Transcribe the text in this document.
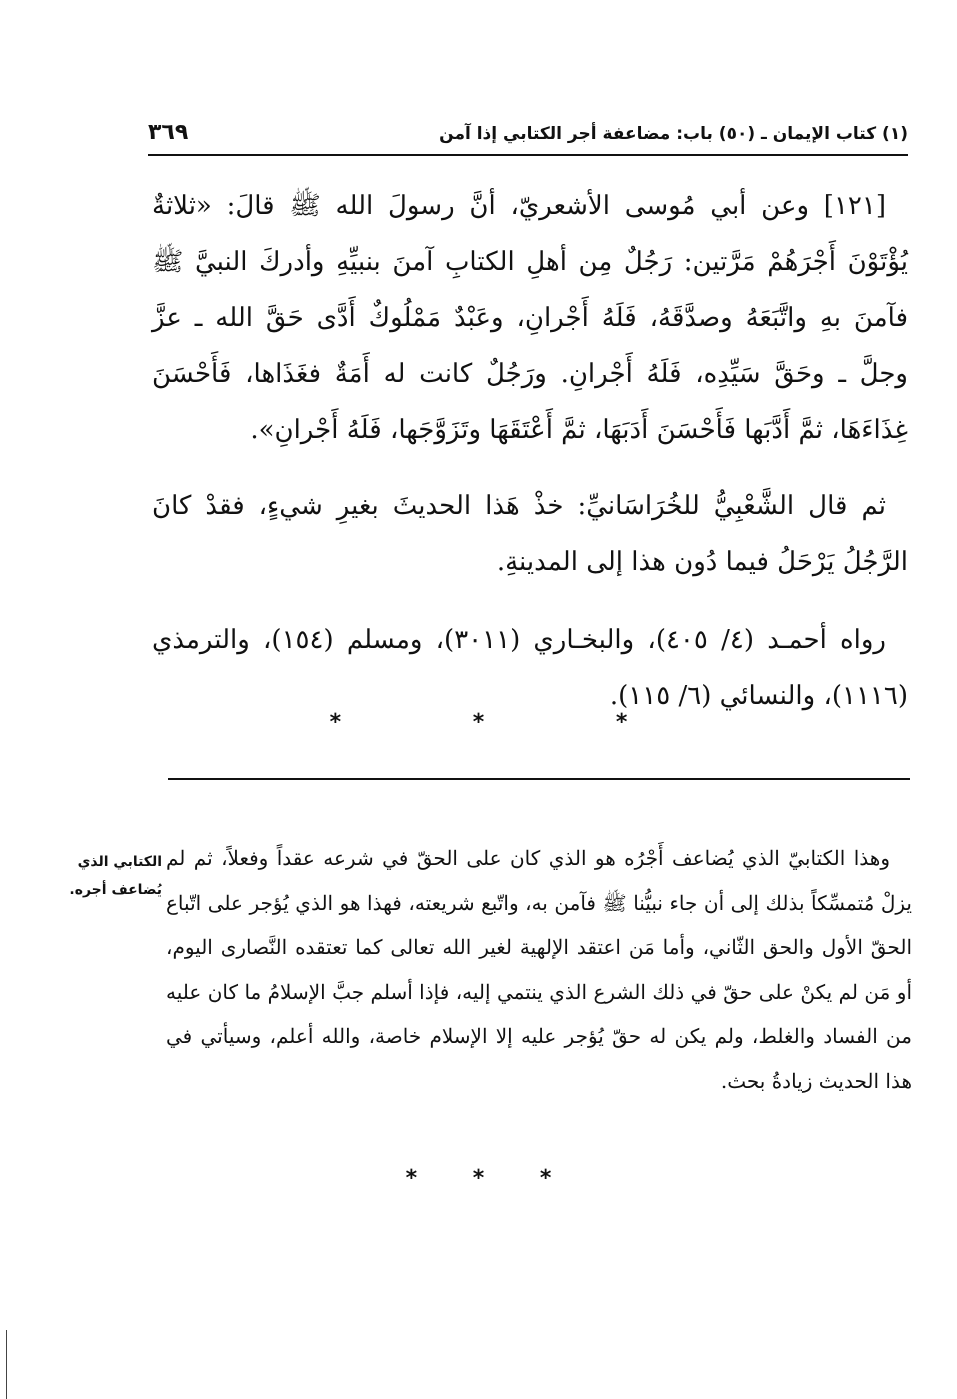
(١) كتاب الإيمان ـ (٥٠) باب: مضاعفة أجر الكتابي إذا آمن
٣٦٩

[١٢١] وعن أبي مُوسى الأشعريّ، أنَّ رسولَ الله ﷺ قالَ: «ثلاثةٌ يُؤْتَوْنَ أَجْرَهُمْ مَرَّتين: رَجُلٌ مِن أهلِ الكتابِ آمنَ بنبيِّهِ وأدركَ النبيَّ ﷺ فآمنَ بهِ واتَّبَعَهُ وصدَّقَهُ، فَلَهُ أَجْرانِ، وعَبْدٌ مَمْلُوكٌ أَدَّى حَقَّ الله ـ عزَّ وجلَّ ـ وحَقَّ سَيِّدِه، فَلَهُ أَجْرانِ. ورَجُلٌ كانت له أَمَةٌ فغَذَاها، فَأَحْسَنَ غِذَاءَهَا، ثمَّ أَدَّبَها فَأَحْسَنَ أَدَبَهَا، ثمَّ أَعْتَقَهَا وتَزَوَّجَها، فَلَهُ أَجْرانِ».

ثم قال الشَّعْبِيُّ للخُرَاسَانيِّ: خذْ هَذا الحديثَ بغيرِ شيءٍ، فقدْ كانَ الرَّجُلُ يَرْحَلُ فيما دُون هذا إلى المدينةِ.

رواه أحمـد (٤/ ٤٠٥)، والبخـاري (٣٠١١)، ومسلم (١٥٤)، والترمذي (١١١٦)، والنسائي (٦/ ١١٥).

* * *
الكتابي الذي يُضاعف أجره.

وهذا الكتابيّ الذي يُضاعف أَجْرُه هو الذي كان على الحقّ في شرعه عقداً وفعلاً، ثم لم يزلْ مُتمسِّكاً بذلك إلى أن جاء نبيُّنا ﷺ فآمن به، واتّبع شريعته، فهذا هو الذي يُؤجر على اتّباع الحقّ الأول والحق الثّاني، وأما مَن اعتقد الإلهية لغير الله تعالى كما تعتقده النَّصارى اليوم، أو مَن لم يكنْ على حقّ في ذلك الشرع الذي ينتمي إليه، فإذا أسلم جبَّ الإسلامُ ما كان عليه من الفساد والغلط، ولم يكن له حقّ يُؤجر عليه إلا الإسلام خاصة، والله أعلم، وسيأتي في هذا الحديث زيادةُ بحث.

* * *
